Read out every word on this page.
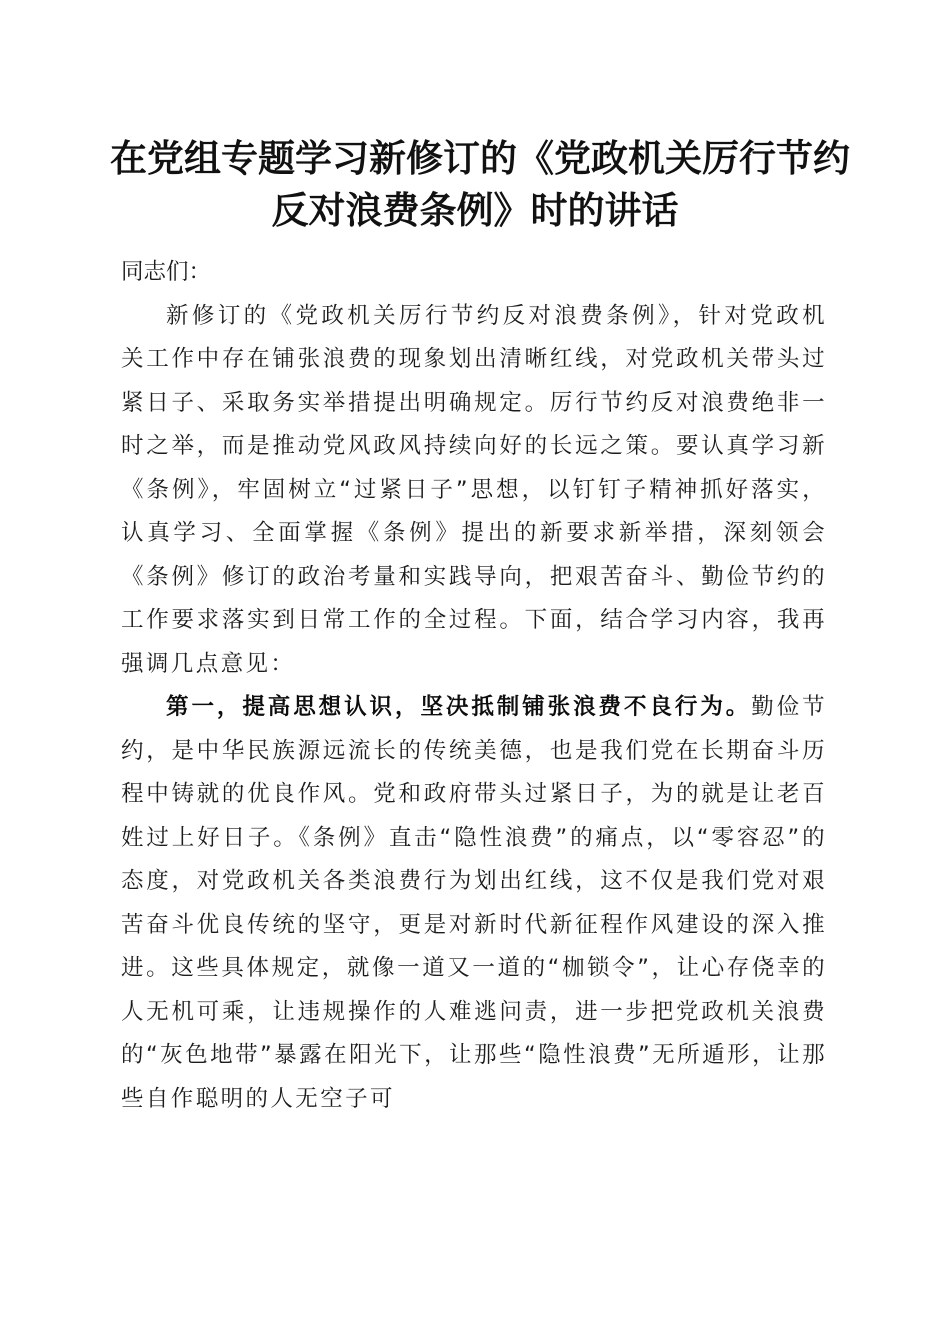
在党组专题学习新修订的《党政机关厉行节约
反对浪费条例》时的讲话

同志们：

新修订的《党政机关厉行节约反对浪费条例》，针对党政机关工作中存在铺张浪费的现象划出清晰红线，对党政机关带头过紧日子、采取务实举措提出明确规定。厉行节约反对浪费绝非一时之举，而是推动党风政风持续向好的长远之策。要认真学习新《条例》，牢固树立“过紧日子”思想，以钉钉子精神抓好落实，认真学习、全面掌握《条例》提出的新要求新举措，深刻领会《条例》修订的政治考量和实践导向，把艰苦奋斗、勤俭节约的工作要求落实到日常工作的全过程。下面，结合学习内容，我再强调几点意见：

第一，提高思想认识，坚决抵制铺张浪费不良行为。勤俭节约，是中华民族源远流长的传统美德，也是我们党在长期奋斗历程中铸就的优良作风。党和政府带头过紧日子，为的就是让老百姓过上好日子。《条例》直击“隐性浪费”的痛点，以“零容忍”的态度，对党政机关各类浪费行为划出红线，这不仅是我们党对艰苦奋斗优良传统的坚守，更是对新时代新征程作风建设的深入推进。这些具体规定，就像一道又一道的“枷锁令”，让心存侥幸的人无机可乘，让违规操作的人难逃问责，进一步把党政机关浪费的“灰色地带”暴露在阳光下，让那些“隐性浪费”无所遁形，让那些自作聪明的人无空子可
